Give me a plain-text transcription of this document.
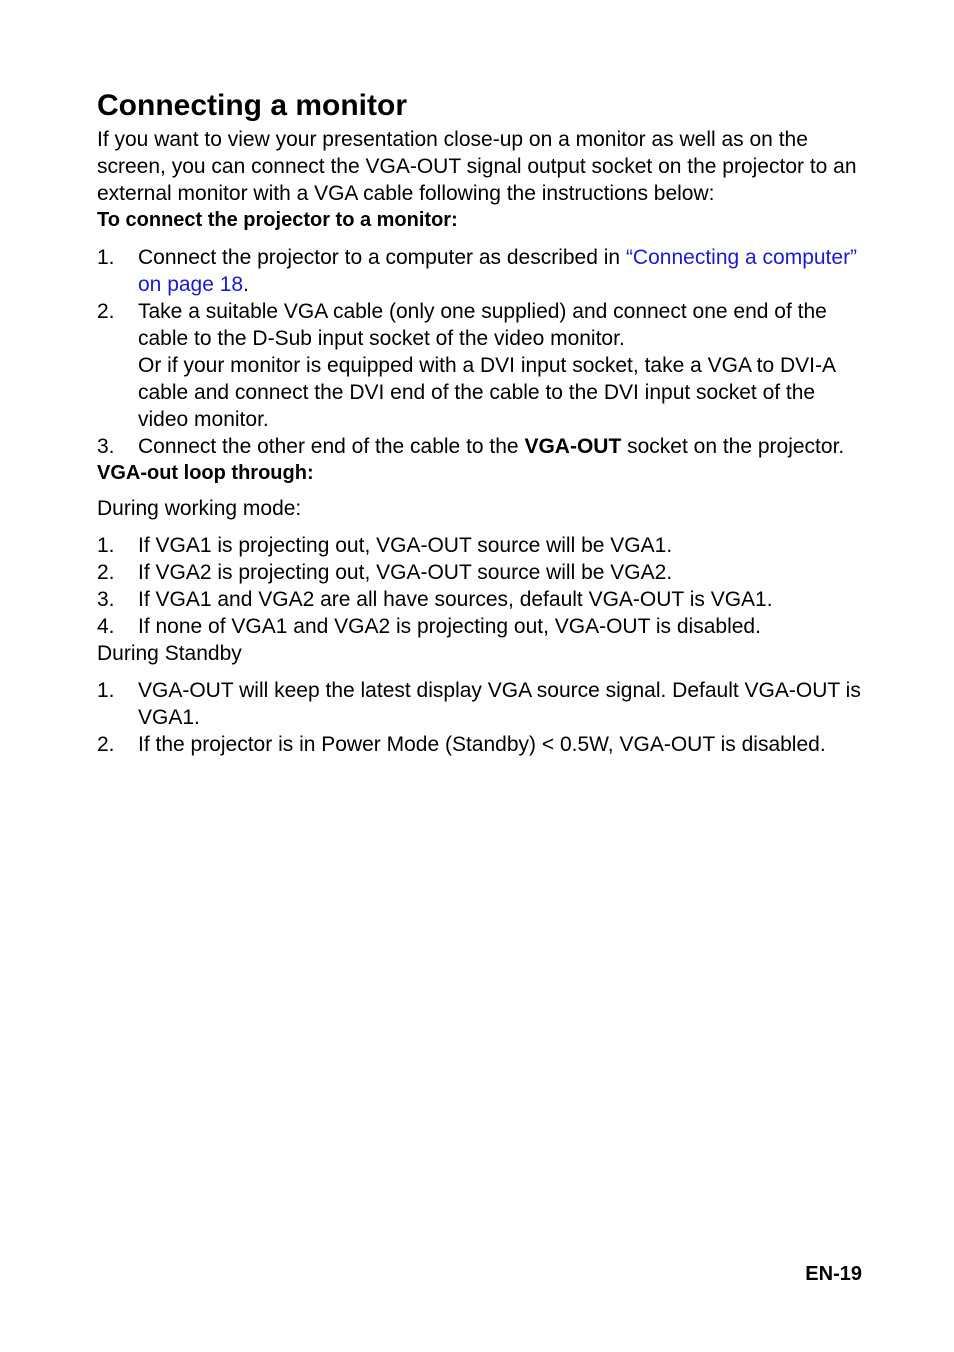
Connecting a monitor

If you want to view your presentation close-up on a monitor as well as on the screen, you can connect the VGA-OUT signal output socket on the projector to an external monitor with a VGA cable following the instructions below:

To connect the projector to a monitor:

1. Connect the projector to a computer as described in “Connecting a computer” on page 18.
2. Take a suitable VGA cable (only one supplied) and connect one end of the cable to the D-Sub input socket of the video monitor.
Or if your monitor is equipped with a DVI input socket, take a VGA to DVI-A cable and connect the DVI end of the cable to the DVI input socket of the video monitor.
3. Connect the other end of the cable to the VGA-OUT socket on the projector.

VGA-out loop through:

During working mode:

1. If VGA1 is projecting out, VGA-OUT source will be VGA1.
2. If VGA2 is projecting out, VGA-OUT source will be VGA2.
3. If VGA1 and VGA2 are all have sources, default VGA-OUT is VGA1.
4. If none of VGA1 and VGA2 is projecting out, VGA-OUT is disabled.

During Standby

1. VGA-OUT will keep the latest display VGA source signal. Default VGA-OUT is VGA1.
2. If the projector is in Power Mode (Standby) < 0.5W, VGA-OUT is disabled.
EN-19
